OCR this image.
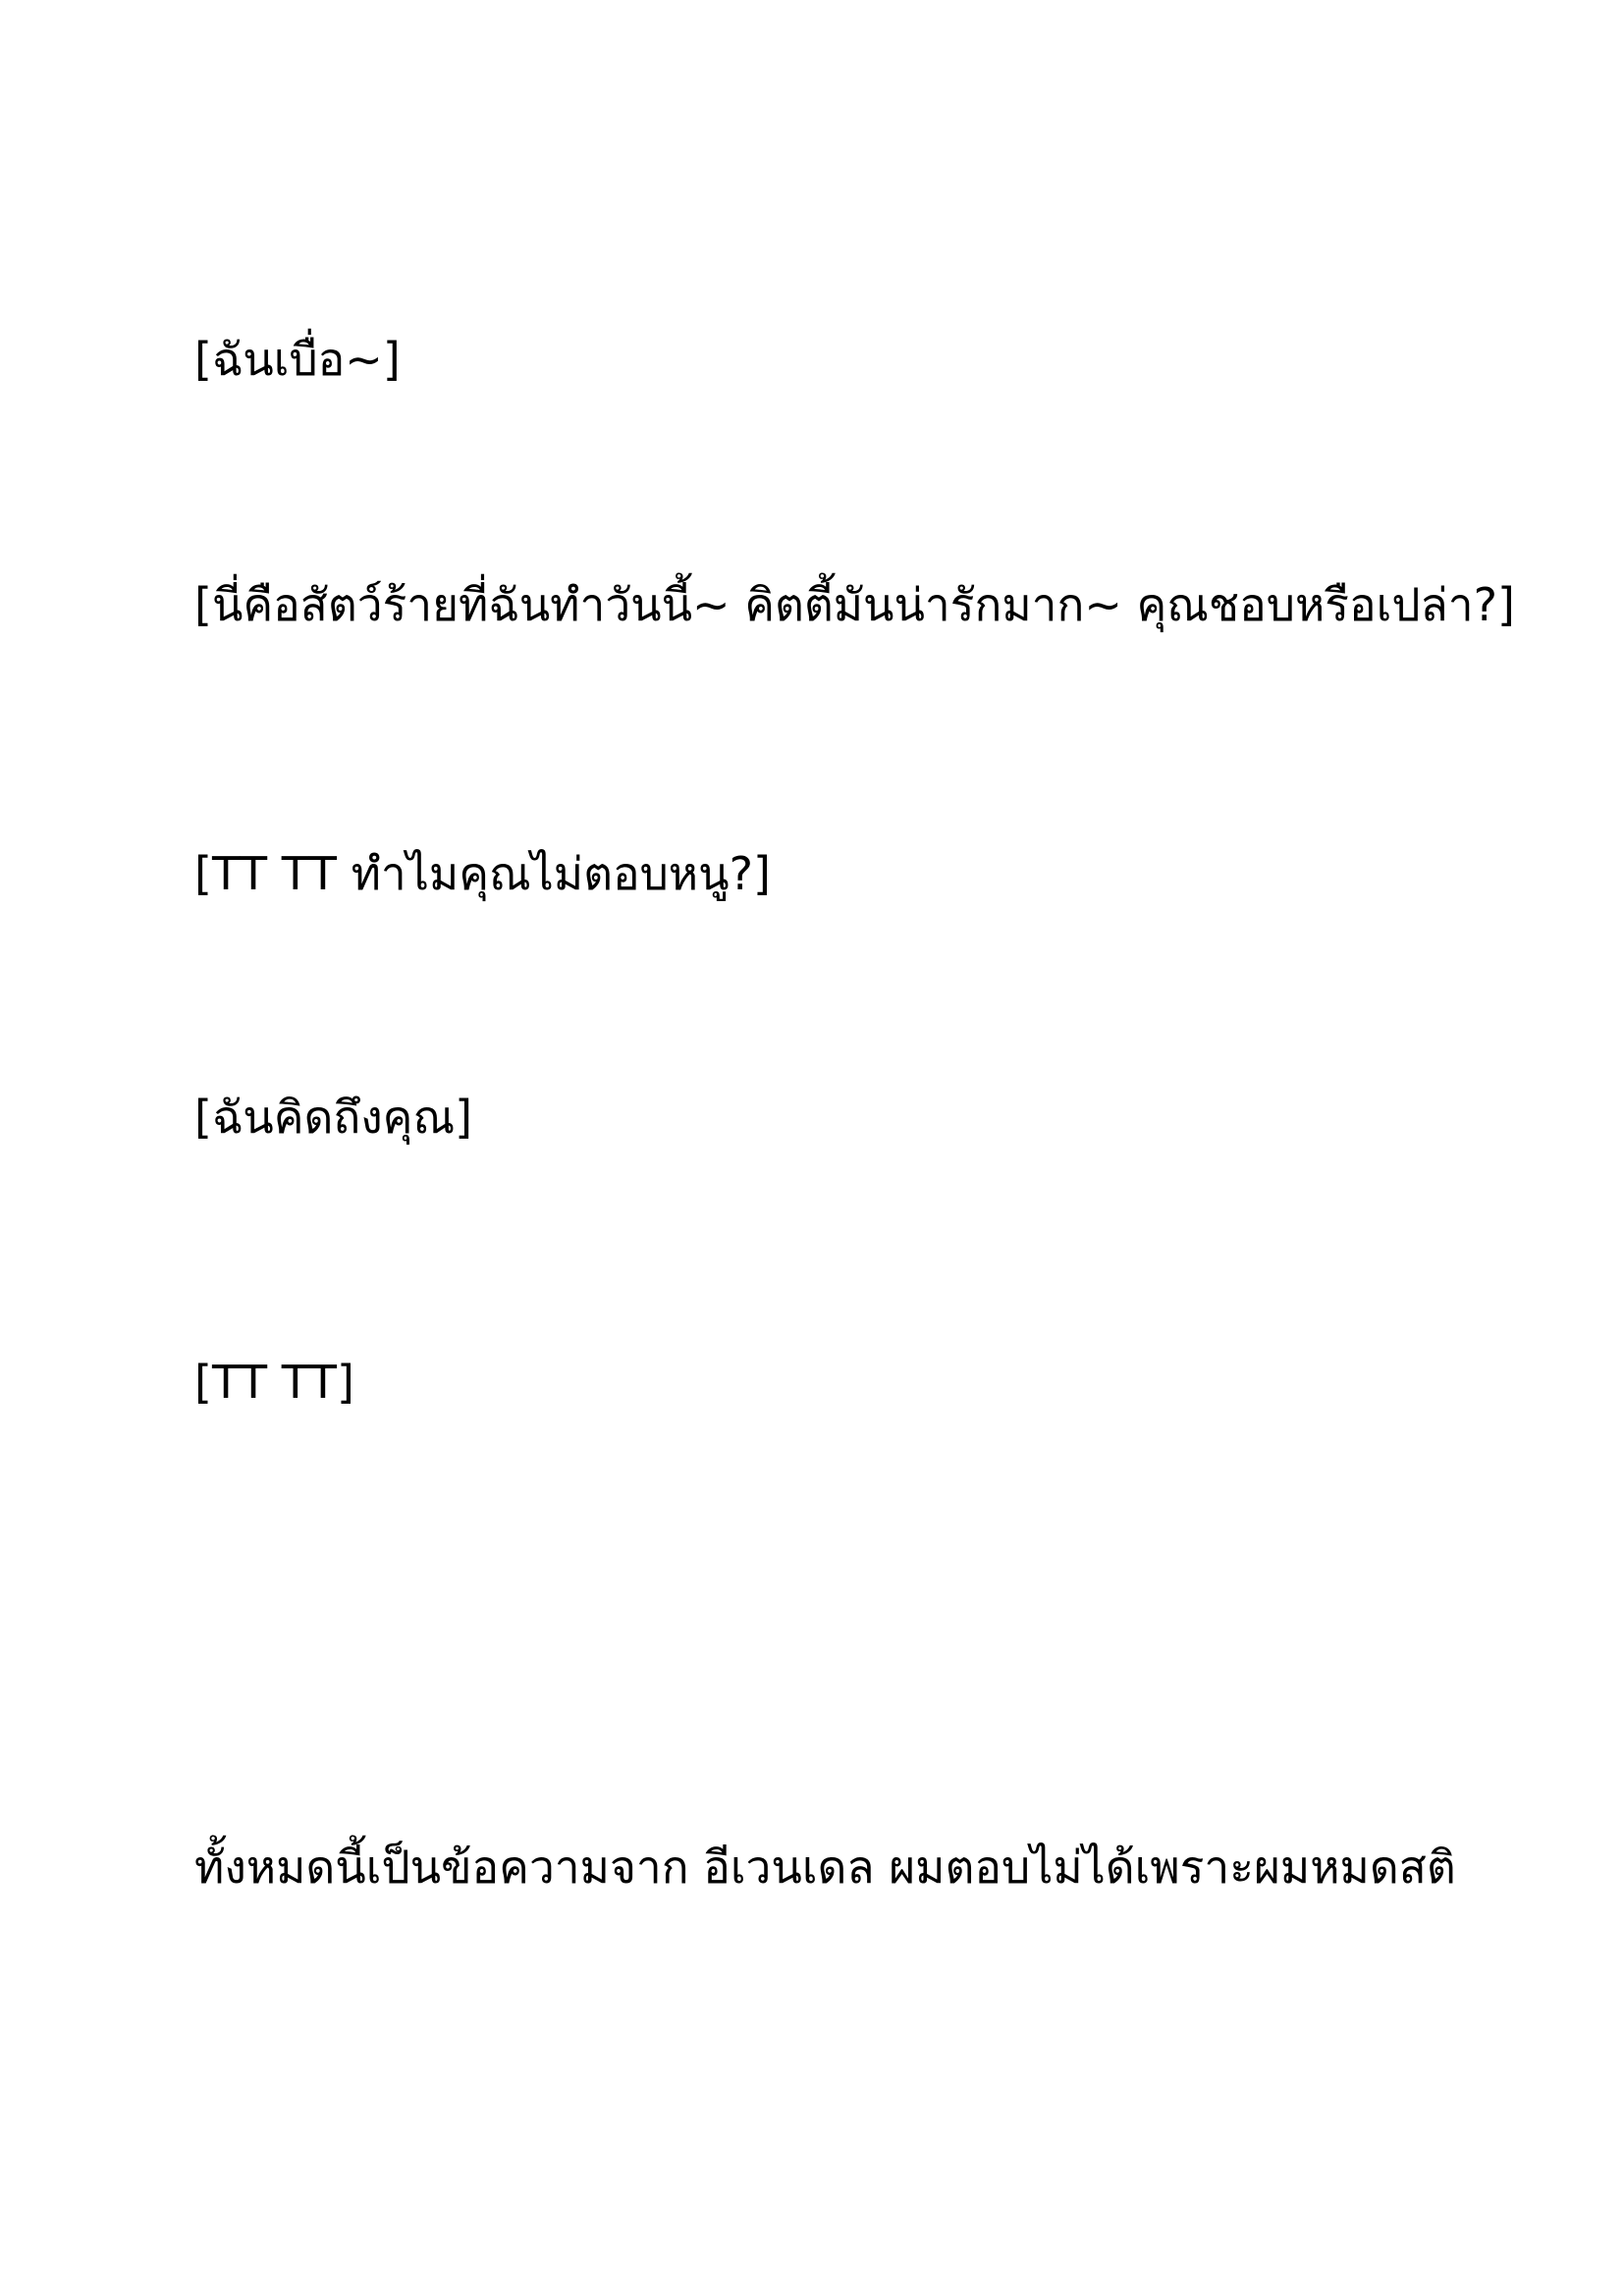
[ฉันเบื่อ~]

[นี่คือสัตว์ร้ายที่ฉันทำวันนี้~ คิตตี้มันน่ารักมาก~ คุณชอบหรือเปล่า?]

[ТТ ТТ ทำไมคุณไม่ตอบหนู?]

[ฉันคิดถึงคุณ]

[ТТ ТТ]

ทั้งหมดนี้เป็นข้อความจาก อีเวนเดล ผมตอบไม่ได้เพราะผมหมดสติ
